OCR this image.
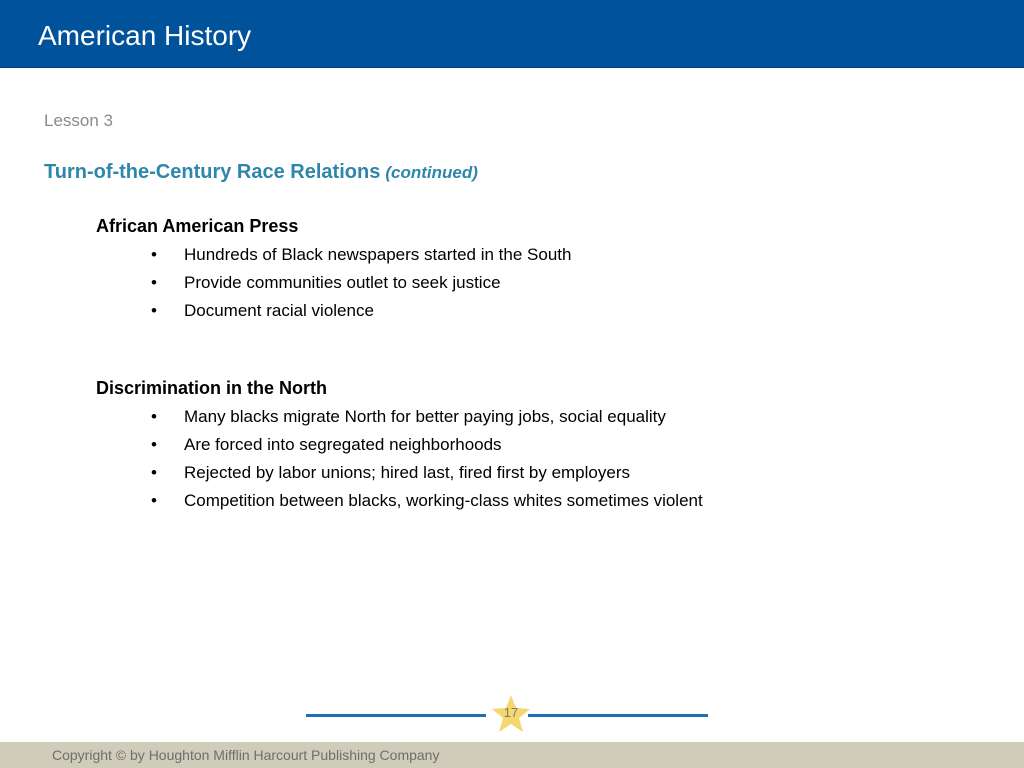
American History
Lesson 3
Turn-of-the-Century Race Relations (continued)

African American Press

• Hundreds of Black newspapers started in the South
• Provide communities outlet to seek justice
• Document racial violence

Discrimination in the North

• Many blacks migrate North for better paying jobs, social equality
• Are forced into segregated neighborhoods
• Rejected by labor unions; hired last, fired first by employers
• Competition between blacks, working-class whites sometimes violent
17
Copyright © by Houghton Mifflin Harcourt Publishing Company
